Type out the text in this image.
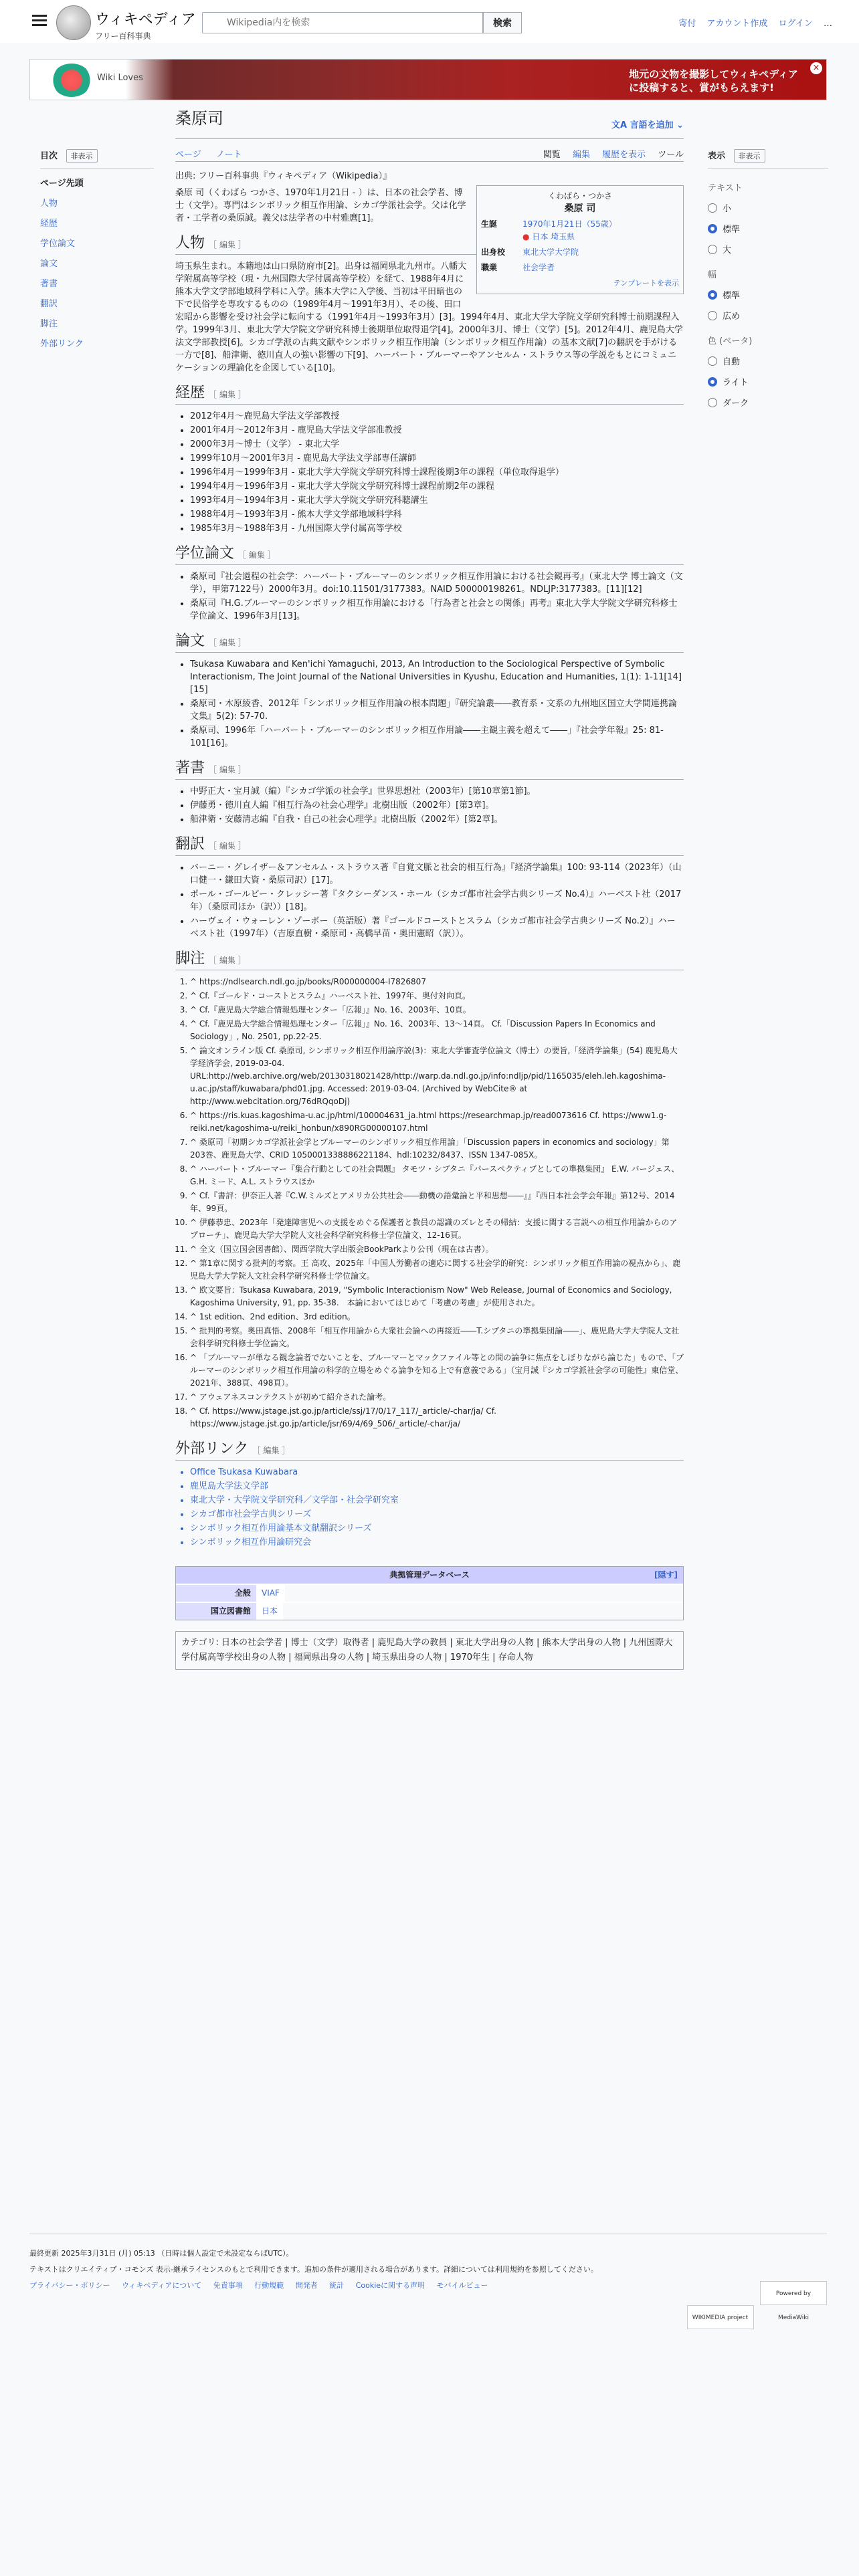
ウィキペディア
フリー百科事典
Wikipedia内を検索
検索	寄付 アカウント作成 ログイン …
Wiki Loves	地元の文物を撮影してウィキペディア
に投稿すると、賞がもらえます!
×
目次 非表示
ページ先頭
人物
経歴
学位論文
論文
著書
翻訳
脚注
外部リンク
表示 非表示
テキスト
小
標準
大
幅
標準
広め
色 (ベータ)
自動
ライト
ダーク
桑原司	文A 言語を追加 ⌄
ページ ノート	閲覧 編集 履歴を表示 ツール
出典: フリー百科事典『ウィキペディア（Wikipedia）』
くわばら・つかさ
桑原 司
生誕	1970年1月21日（55歳）
● 日本 埼玉県
出身校	東北大学大学院
職業	社会学者
テンプレートを表示

桑原 司（くわばら つかさ、1970年1月21日 - ）は、日本の社会学者、博士（文学）。専門はシンボリック相互作用論、シカゴ学派社会学。父は化学者・工学者の桑原誠。義父は法学者の中村雅麿[1]。

人物 ［ 編集 ］

埼玉県生まれ。本籍地は山口県防府市[2]。出身は福岡県北九州市。八幡大学附属高等学校（現・九州国際大学付属高等学校）を経て、1988年4月に熊本大学文学部地域科学科に入学。熊本大学に入学後、当初は平田暗也の下で民俗学を専攻するものの（1989年4月〜1991年3月）、その後、田口宏昭から影響を受け社会学に転向する（1991年4月〜1993年3月）[3]。1994年4月、東北大学大学院文学研究科博士前期課程入学。1999年3月、東北大学大学院文学研究科博士後期単位取得退学[4]。2000年3月、博士（文学）[5]。2012年4月、鹿児島大学法文学部教授[6]。シカゴ学派の古典文献やシンボリック相互作用論（シンボリック相互作用論）の基本文献[7]の翻訳を手がける一方で[8]、船津衛、徳川直人の強い影響の下[9]、ハーバート・ブルーマーやアンセルム・ストラウス等の学説をもとにコミュニケーションの理論化を企図している[10]。

経歴 ［ 編集 ］
• 2012年4月〜鹿児島大学法文学部教授
• 2001年4月〜2012年3月 - 鹿児島大学法文学部准教授
• 2000年3月〜博士（文学） - 東北大学
• 1999年10月〜2001年3月 - 鹿児島大学法文学部専任講師
• 1996年4月〜1999年3月 - 東北大学大学院文学研究科博士課程後期3年の課程（単位取得退学）
• 1994年4月〜1996年3月 - 東北大学大学院文学研究科博士課程前期2年の課程
• 1993年4月〜1994年3月 - 東北大学大学院文学研究科聴講生
• 1988年4月〜1993年3月 - 熊本大学文学部地域科学科
• 1985年3月〜1988年3月 - 九州国際大学付属高等学校
学位論文 ［ 編集 ］
• 桑原司『社会過程の社会学：ハーバート・ブルーマーのシンボリック相互作用論における社会観再考』（東北大学 博士論文（文学），甲第7122号）2000年3月。doi:10.11501/3177383。NAID 500000198261。NDLJP:3177383。[11][12]
• 桑原司『H.G.ブルーマーのシンボリック相互作用論における「行為者と社会との関係」再考』東北大学大学院文学研究科修士学位論文、1996年3月[13]。
論文 ［ 編集 ］
• Tsukasa Kuwabara and Ken'ichi Yamaguchi, 2013, An Introduction to the Sociological Perspective of Symbolic Interactionism, The Joint Journal of the National Universities in Kyushu, Education and Humanities, 1(1): 1-11[14][15]
• 桑原司・木原綾香、2012年「シンボリック相互作用論の根本問題」『研究論叢――教育系・文系の九州地区国立大学間連携論文集』5(2): 57-70.
• 桑原司、1996年「ハーバート・ブルーマーのシンボリック相互作用論――主観主義を超えて――」『社会学年報』25: 81-101[16]。
著書 ［ 編集 ］
• 中野正大・宝月誠（編）『シカゴ学派の社会学』世界思想社（2003年）[第10章第1節]。
• 伊藤勇・徳川直人編『相互行為の社会心理学』北樹出版（2002年）[第3章]。
• 船津衛・安藤清志編『自我・自己の社会心理学』北樹出版（2002年）[第2章]。
翻訳 ［ 編集 ］
• バーニー・グレイザー＆アンセルム・ストラウス著『自覚文脈と社会的相互行為』『経済学論集』100: 93-114（2023年）（山口健一・鎌田大資・桑原司訳）[17]。
• ポール・ゴールビー・クレッシー著『タクシーダンス・ホール（シカゴ都市社会学古典シリーズ No.4）』ハーベスト社（2017年）（桑原司ほか（訳））[18]。
• ハーヴェイ・ウォーレン・ゾーボー（英語版）著『ゴールドコーストとスラム（シカゴ都市社会学古典シリーズ No.2）』ハーベスト社（1997年）（吉原直樹・桑原司・高橋早苗・奥田憲昭（訳））。
脚注 ［ 編集 ］
1. ^ https://ndlsearch.ndl.go.jp/books/R000000004-I7826807
2. ^ Cf.『ゴールド・コーストとスラム』ハーベスト社、1997年、奥付対向頁。
3. ^ Cf.『鹿児島大学総合情報処理センター「広報」』No. 16、2003年、10頁。
4. ^ Cf.『鹿児島大学総合情報処理センター「広報」』No. 16、2003年、13〜14頁。 Cf.「Discussion Papers In Economics and Sociology」, No. 2501, pp.22-25.
5. ^ 論文オンライン版 Cf. 桑原司, シンボリック相互作用論序説(3)：東北大学審査学位論文（博士）の要旨,「経済学論集」(54) 鹿児島大学経済学会, 2019-03-04. URL:http://web.archive.org/web/20130318021428/http://warp.da.ndl.go.jp/info:ndljp/pid/1165035/eleh.leh.kagoshima-u.ac.jp/staff/kuwabara/phd01.jpg. Accessed: 2019-03-04. (Archived by WebCite® at http://www.webcitation.org/76dRQqoDj)
6. ^ https://ris.kuas.kagoshima-u.ac.jp/html/100004631_ja.html https://researchmap.jp/read0073616 Cf. https://www1.g-reiki.net/kagoshima-u/reiki_honbun/x890RG00000107.html
7. ^ 桑原司「初期シカゴ学派社会学とブルーマーのシンボリック相互作用論」「Discussion papers in economics and sociology」第203巻、鹿児島大学、CRID 1050001338886221184、hdl:10232/8437、ISSN 1347-085X。
8. ^ ハーバート・ブルーマー『集合行動としての社会問題』 タモツ・シブタニ『パースペクティブとしての準拠集団』 E.W. バージェス、G.H. ミード、A.L. ストラウスほか
9. ^ Cf.『書評：伊奈正人著『C.W.ミルズとアメリカ公共社会――動機の語彙論と平和思想――』』『西日本社会学会年報』第12号、2014年、99頁。
10. ^ 伊藤恭忠、2023年「発達障害児への支援をめぐる保護者と教員の認識のズレとその帰結：支援に関する言説への相互作用論からのアプローチ」、鹿児島大学大学院人文社会科学研究科修士学位論文、12-16頁。
11. ^ 全文（国立国会図書館）、関西学院大学出版会BookParkより公刊（現在は古書）。
12. ^ 第1章に関する批判的考察。王 高攻、2025年「中国人労働者の適応に関する社会学的研究：シンボリック相互作用論の視点から」、鹿児島大学大学院人文社会科学研究科修士学位論文。
13. ^ 欧文要旨：Tsukasa Kuwabara, 2019, "Symbolic Interactionism Now" Web Release, Journal of Economics and Sociology, Kagoshima University, 91, pp. 35-38.　本論においてはじめて「考慮の考慮」が使用された。
14. ^ 1st edition、2nd edition、3rd edition。
15. ^ 批判的考察。奥田真悟、2008年「相互作用論から大衆社会論への再接近――T.シブタニの準拠集団論――」、鹿児島大学大学院人文社会科学研究科修士学位論文。
16. ^ 「ブルーマーが単なる観念論者でないことを、ブルーマーとマックファイル等との間の論争に焦点をしぼりながら論じた」もので、「ブルーマーのシンボリック相互作用論の科学的立場をめぐる論争を知る上で有意義である」（宝月誠『シカゴ学派社会学の可能性』東信堂、2021年、388頁、498頁）。
17. ^ アウェアネスコンテクストが初めて紹介された論考。
18. ^ Cf. https://www.jstage.jst.go.jp/article/ssj/17/0/17_117/_article/-char/ja/ Cf. https://www.jstage.jst.go.jp/article/jsr/69/4/69_506/_article/-char/ja/
外部リンク ［ 編集 ］
• Office Tsukasa Kuwabara
• 鹿児島大学法文学部
• 東北大学・大学院文学研究科／文学部・社会学研究室
• シカゴ都市社会学古典シリーズ
• シンボリック相互作用論基本文献翻訳シリーズ
• シンボリック相互作用論研究会
典拠管理データベース	[隠す]
全般	VIAF
国立図書館	日本
カテゴリ: 日本の社会学者 | 博士（文学）取得者 | 鹿児島大学の教員 | 東北大学出身の人物 | 熊本大学出身の人物 | 九州国際大学付属高等学校出身の人物 | 福岡県出身の人物 | 埼玉県出身の人物 | 1970年生 | 存命人物

最終更新 2025年3月31日 (月) 05:13 （日時は個人設定で未設定ならばUTC）。

テキストはクリエイティブ・コモンズ 表示-継承ライセンスのもとで利用できます。追加の条件が適用される場合があります。詳細については利用規約を参照してください。

プライバシー・ポリシー ウィキペディアについて 免責事項 行動規範 開発者 統計 Cookieに関する声明 モバイルビュー
WIKIMEDIA project Powered by MediaWiki
